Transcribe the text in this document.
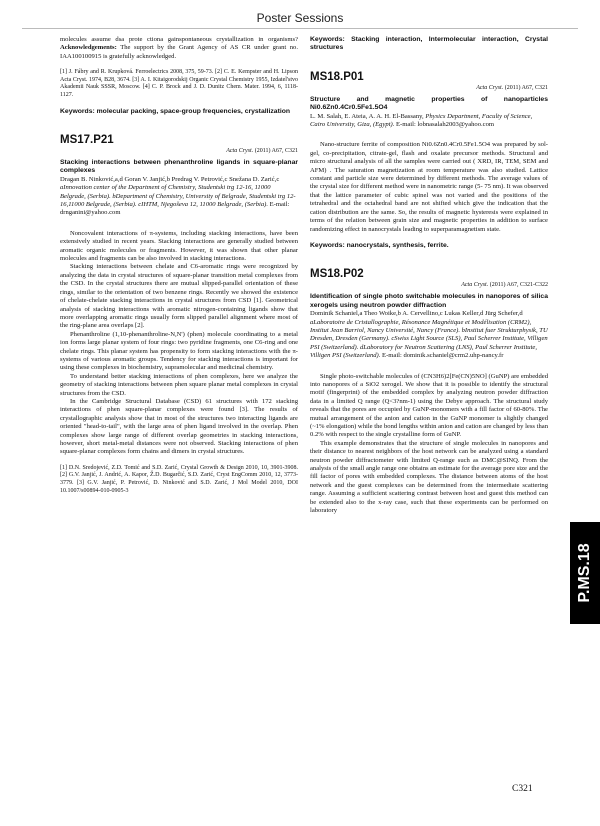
Poster Sessions

molecules assume dsa prote ctiona gainspontaneous crystallization in organisms? Acknowledgements: The support by the Grant Agency of AS CR under grant no. IAA100100915 is gratefully acknowledged.

[1] J. Fábry and R. Krupková. Ferroelectrics 2008, 375, 59-73. [2] C. E. Kempster and H. Lipson Acta Cryst. 1974, B28, 3674. [3] A. I. Kitaigorodskij Organic Crystal Chemistry 1955, Izdatel'stvo Akademii Nauk SSSR, Moscow. [4] C. P. Brock and J. D. Dunitz Chem. Mater. 1994, 6, 1118-1127.

Keywords: molecular packing, space-group frequencies, crystallization

MS17.P21
Acta Cryst. (2011) A67, C321

Stacking interactions between phenanthroline ligands in square-planar complexes

Dragan B. Ninković,a,d Goran V. Janjić,b Predrag V. Petrović,c Snežana D. Zarić,c aInnovation center of the Department of Chemistry, Studentski trg 12-16, 11000 Belgrade, (Serbia). bDepartment of Chemistry, University of Belgrade, Studentski trg 12-16,11000 Belgrade, (Serbia). cIHTM, Njegoševa 12, 11000 Belgrade, (Serbia). E-mail: drnganini@yahoo.com

Noncovalent interactions of π-systems, including stacking interactions, have been extensively studied in recent years. Stacking interactions are generally studied between aromatic organic molecules or fragments. However, it was shown that other planar molecules and fragments can be also involved in stacking interactions.

Stacking interactions between chelate and C6-aromatic rings were recognized by analyzing the data in crystal structures of square-planar transition metal complexes from the CSD. In the crystal structures there are mutual slipped-parallel orientation of these rings, similar to the orientation of two benzene rings. Recently we showed the existence of chelate-chelate stacking interactions in crystal structures from CSD [1]. Geometrical analysis of stacking interactions with aromatic nitrogen-containing ligands show that more overlapping aromatic rings usually form slipped parallel alignment where most of the ring-plane area overlaps [2].

Phenanthroline (1,10-phenanthroline-N,N') (phen) molecule coordinating to a metal ion forms large planar system of four rings: two pyridine fragments, one C6-ring and one chelate rings. This planar system has propensity to form stacking interactions with the π-systems of various aromatic groups. Tendency for stacking interactions is important for using these complexes in biochemistry, supramolecular and medicinal chemistry.

To understand better stacking interactions of phen complexes, here we analyze the geometry of stacking interactions between phen square planar metal complexes in crystal structures from the CSD.

In the Cambridge Structural Database (CSD) 61 structures with 172 stacking interactions of phen square-planar complexes were found [3]. The results of crystallographic analysis show that in most of the structures two interacting ligands are oriented "head-to-tail", with the large area of phen ligand involved in the overlap. Phen complexes show large range of different overlap geometries in stacking interactions, however, short metal-metal distances were not observed. Stacking interactions of phen square-planar complexes form chains and dimers in crystal structures.

[1] D.N. Sredojević, Z.D. Tomić and S.D. Zarić, Crystal Growth & Design 2010, 10, 3901-3908. [2] G.V. Janjić, J. Andrić, A. Kapor, Ž.D. Bugarčić, S.D. Zarić, Cryst EngComm 2010, 12, 3773-3779. [3] G.V. Janjić, P. Petrović, D. Ninković and S.D. Zarić, J Mol Model 2010, DOI 10.1007/s00894-010-0905-3

Keywords: Stacking interaction, Intermolecular interaction, Crystal structures

MS18.P01
Acta Cryst. (2011) A67, C321

Structure and magnetic properties of nanoparticles Ni0.6Zn0.4Cr0.5Fe1.5O4

L. M. Salah, E. Ateia, A. A. H. El-Bassany, Physics Department, Faculty of Science, Cairo University, Giza, (Egypt). E-mail: lobnasalah2003@yahoo.com

Nano-structure ferrite of composition Ni0.6Zn0.4Cr0.5Fe1.5O4 was prepared by sol-gel, co-precipitation, citrate-gel, flash and oxalate precursor methods. Structural and micro structural analysis of all the samples were carried out ( XRD, IR, TEM, SEM and AFM) . The saturation magnetization at room temperature was also studied. Lattice constant and particle size were determined by different methods. The average values of the crystal size for different method were in nanometric range (5- 75 nm). It was observed that the lattice parameter of cubic spinel was not varied and the positions of the tetrahedral and the octahedral band are not shifted which give the indication that the cation distribution are the same. So, the results of magnetic hysteresis were explained in terms of the relation between grain size and magnetic properties in addition to surface randomizing effect in nanocrystals leading to superparamagnetism state.

Keywords: nanocrystals, synthesis, ferrite.

MS18.P02
Acta Cryst. (2011) A67, C321-C322

Identification of single photo switchable molecules in nanopores of silica xerogels using neutron powder diffraction

Dominik Schaniel,a Theo Woike,b A. Cervellino,c Lukas Keller,d Jürg Schefer,d aLaboratoire de Cristallographie, Résonance Magnétique et Modélisation (CRM2), Institut Jean Barriol, Nancy Université, Nancy (France). bInstitut fuer Strukturphysik, TU Dresden, Dresden (Germany). cSwiss Light Source (SLS), Paul Scherrer Institute, Villigen PSI (Switzerland). dLaboratory for Neutron Scattering (LNS), Paul Scherrer Institute, Villigen PSI (Switzerland). E-mail: dominik.schaniel@crm2.uhp-nancy.fr

Single photo-switchable molecules of (CN3H6)2[Fe(CN)5NO] (GuNP) are embedded into nanopores of a SiO2 xerogel. We show that it is possible to identify the structural motif (fingerprint) of the embedded complex by analyzing neutron powder diffraction data in a limited Q range (Q<3?nm-1) using the Debye approach. The structural study reveals that the pores are occupied by GuNP-monomers with a fill factor of 60-80%. The mutual arrangement of the anion and cation in the GuNP monomer is slightly changed (~1% elongation) while the bond lengths within anion and cation are changed by less than 0.2% with respect to the single crystalline form of GuNP.

This example demonstrates that the structure of single molecules in nanopores and their distance to nearest neighbors of the host network can be analyzed using a standard neutron powder diffractometer with limited Q-range such as DMC@SINQ. From the analysis of the small angle range one obtains an estimate for the average pore size and the fill factor of pores with embedded complexes. The distance between atoms of the host network and the guest complexes can be determined from the intermediate scattering range. Assuming a sufficient scattering contrast between host and guest this method can be extended also to the x-ray case, such that these experiments can be performed on laboratory

P.MS.18
C321
